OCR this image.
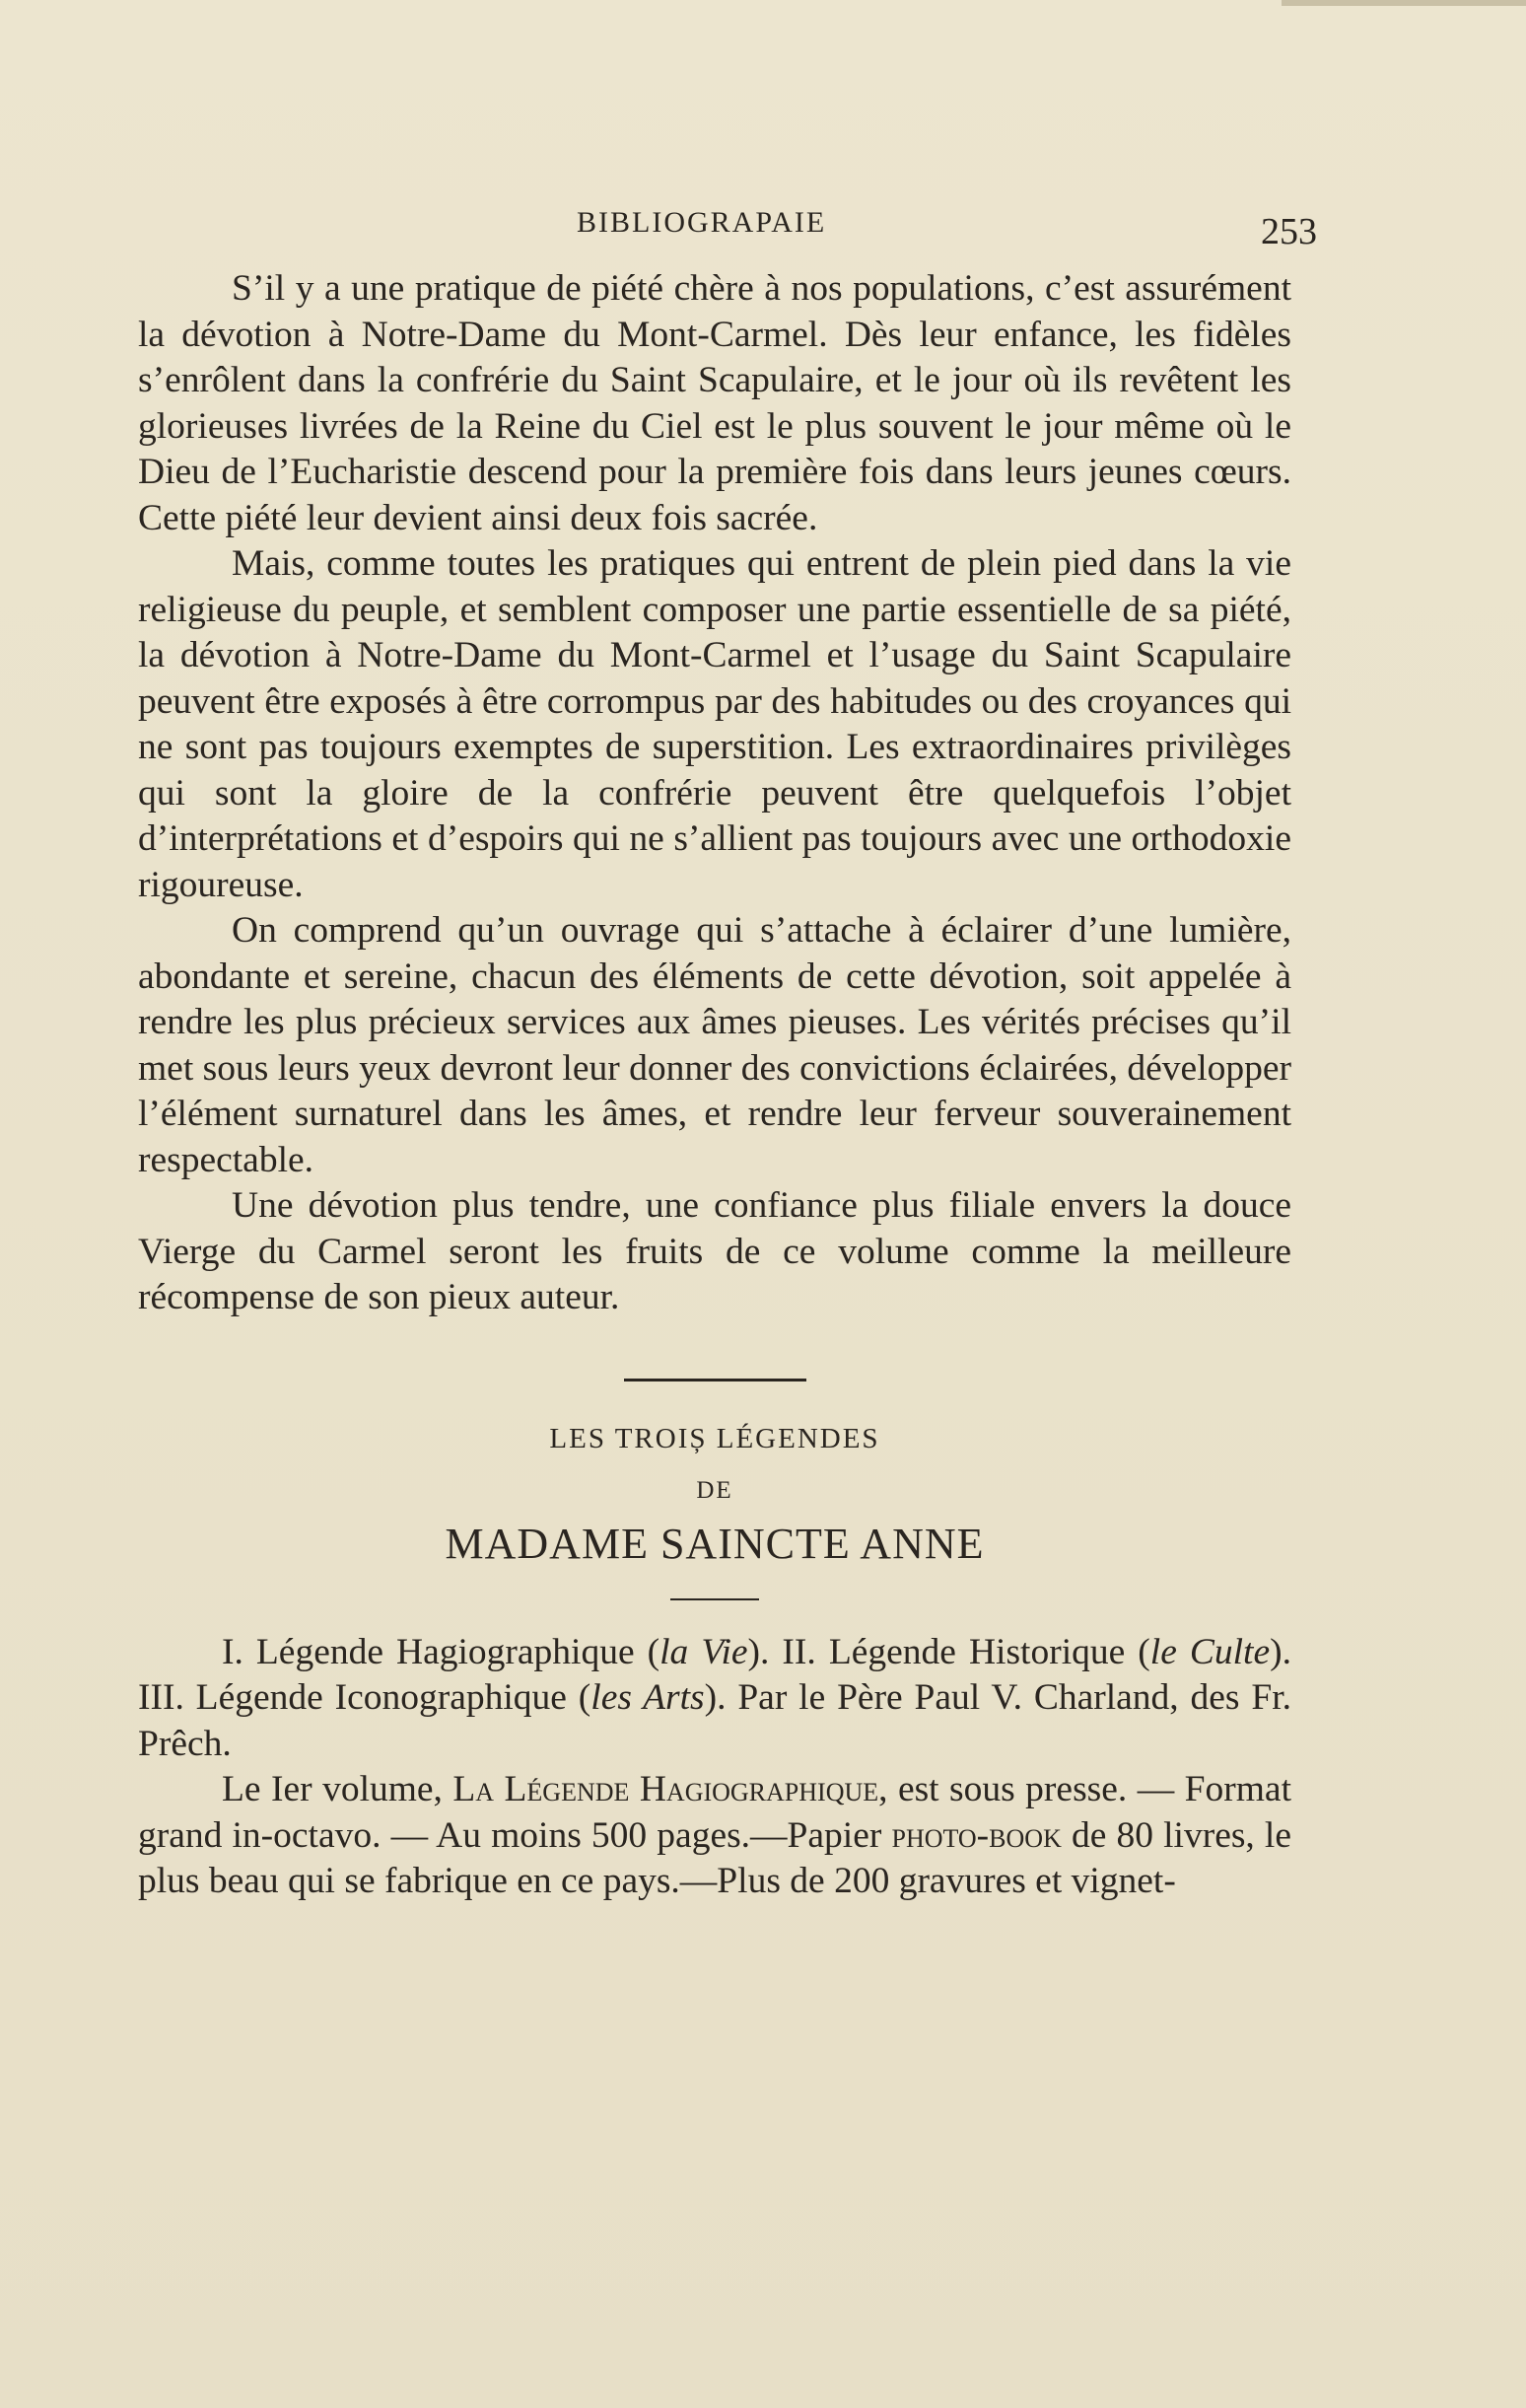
BIBLIOGRAPAIE	253

S’il y a une pratique de piété chère à nos populations, c’est assurément la dévotion à Notre-Dame du Mont-Carmel. Dès leur enfance, les fidèles s’enrôlent dans la confrérie du Saint Scapulaire, et le jour où ils revêtent les glorieuses livrées de la Reine du Ciel est le plus souvent le jour même où le Dieu de l’Eucharistie descend pour la première fois dans leurs jeunes cœurs. Cette piété leur devient ainsi deux fois sacrée.

Mais, comme toutes les pratiques qui entrent de plein pied dans la vie religieuse du peuple, et semblent composer une partie essentielle de sa piété, la dévotion à Notre-Dame du Mont-Carmel et l’usage du Saint Scapulaire peuvent être exposés à être corrompus par des habitudes ou des croyances qui ne sont pas toujours exemptes de superstition. Les extraordinaires privilèges qui sont la gloire de la confrérie peuvent être quelquefois l’objet d’interprétations et d’espoirs qui ne s’allient pas toujours avec une orthodoxie rigoureuse.

On comprend qu’un ouvrage qui s’attache à éclairer d’une lumière, abondante et sereine, chacun des éléments de cette dévotion, soit appelée à rendre les plus précieux services aux âmes pieuses. Les vérités précises qu’il met sous leurs yeux devront leur donner des convictions éclairées, développer l’élément surnaturel dans les âmes, et rendre leur ferveur souverainement respectable.

Une dévotion plus tendre, une confiance plus filiale envers la douce Vierge du Carmel seront les fruits de ce volume comme la meilleure récompense de son pieux auteur.

LES TROIȘ LÉGENDES
DE
MADAME SAINCTE ANNE

I. Légende Hagiographique (la Vie). II. Légende Historique (le Culte). III. Légende Iconographique (les Arts). Par le Père Paul V. Charland, des Fr. Prêch.

Le Ier volume, La Légende Hagiographique, est sous presse. — Format grand in-octavo. — Au moins 500 pages.—Papier photo-book de 80 livres, le plus beau qui se fabrique en ce pays.—Plus de 200 gravures et vignet-
